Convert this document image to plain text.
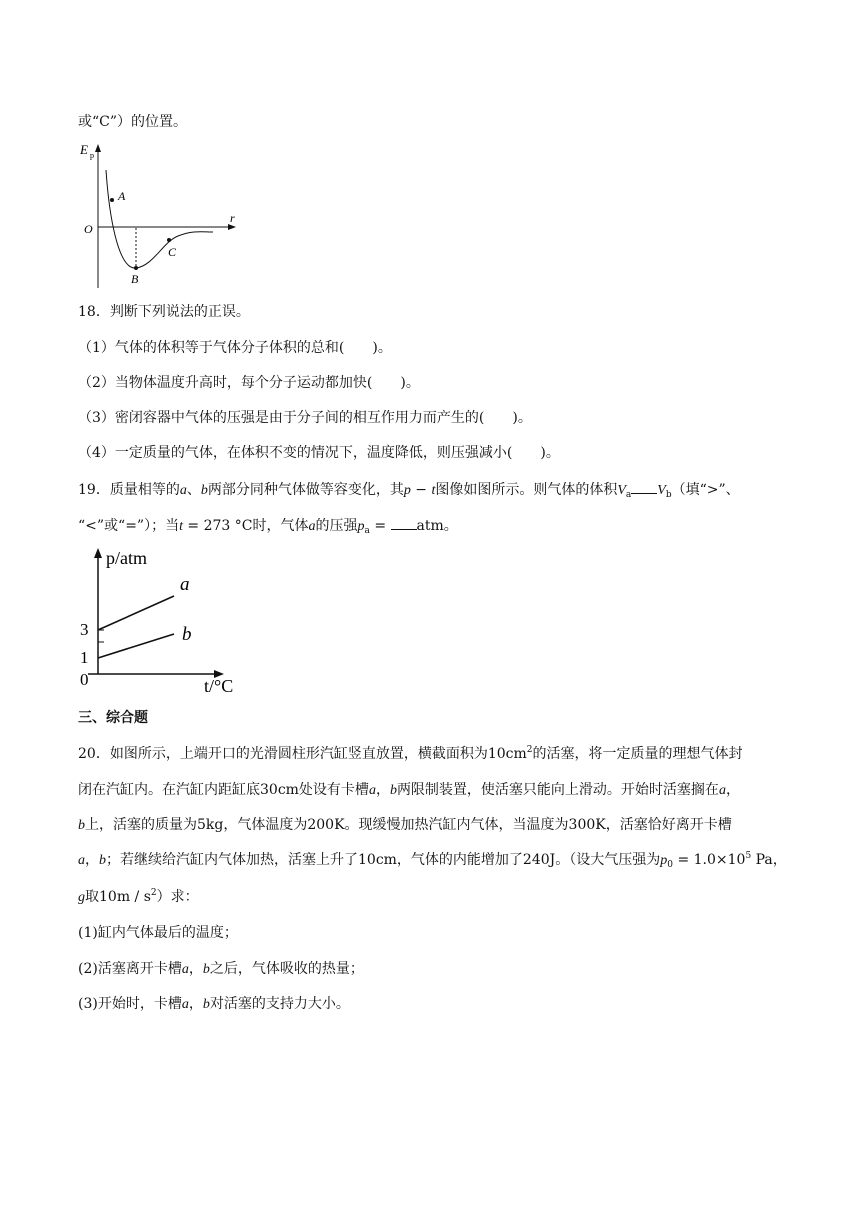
或“C”）的位置。
E p
r
O
A
B
C
18．判断下列说法的正误。
（1）气体的体积等于气体分子体积的总和( )。
（2）当物体温度升高时，每个分子运动都加快( )。
（3）密闭容器中气体的压强是由于分子间的相互作用力而产生的( )。
（4）一定质量的气体，在体积不变的情况下，温度降低，则压强减小( )。
19．质量相等的a、b两部分同种气体做等容变化，其p − t图像如图所示。则气体的体积$V_a$ $V_b$（填“>”、
“<”或“=”）；当t = 273 °C时，气体a的压强$p_a$ = atm。
p/atm
t/°C
3
1
0
a
b
三、综合题
20．如图所示，上端开口的光滑圆柱形汽缸竖直放置，横截面积为$10cm^2$的活塞，将一定质量的理想气体封
闭在汽缸内。在汽缸内距缸底30cm处设有卡槽a，b两限制装置，使活塞只能向上滑动。开始时活塞搁在a，
b上，活塞的质量为5kg，气体温度为200K。现缓慢加热汽缸内气体，当温度为300K，活塞恰好离开卡槽
a，b；若继续给汽缸内气体加热，活塞上升了10cm，气体的内能增加了240J。（设大气压强为$p_0 = 1.0\times 10^5$ Pa，
g取$10m / s^2$）求：
(1)缸内气体最后的温度；
(2)活塞离开卡槽a，b之后，气体吸收的热量；
(3)开始时，卡槽a，b对活塞的支持力大小。
